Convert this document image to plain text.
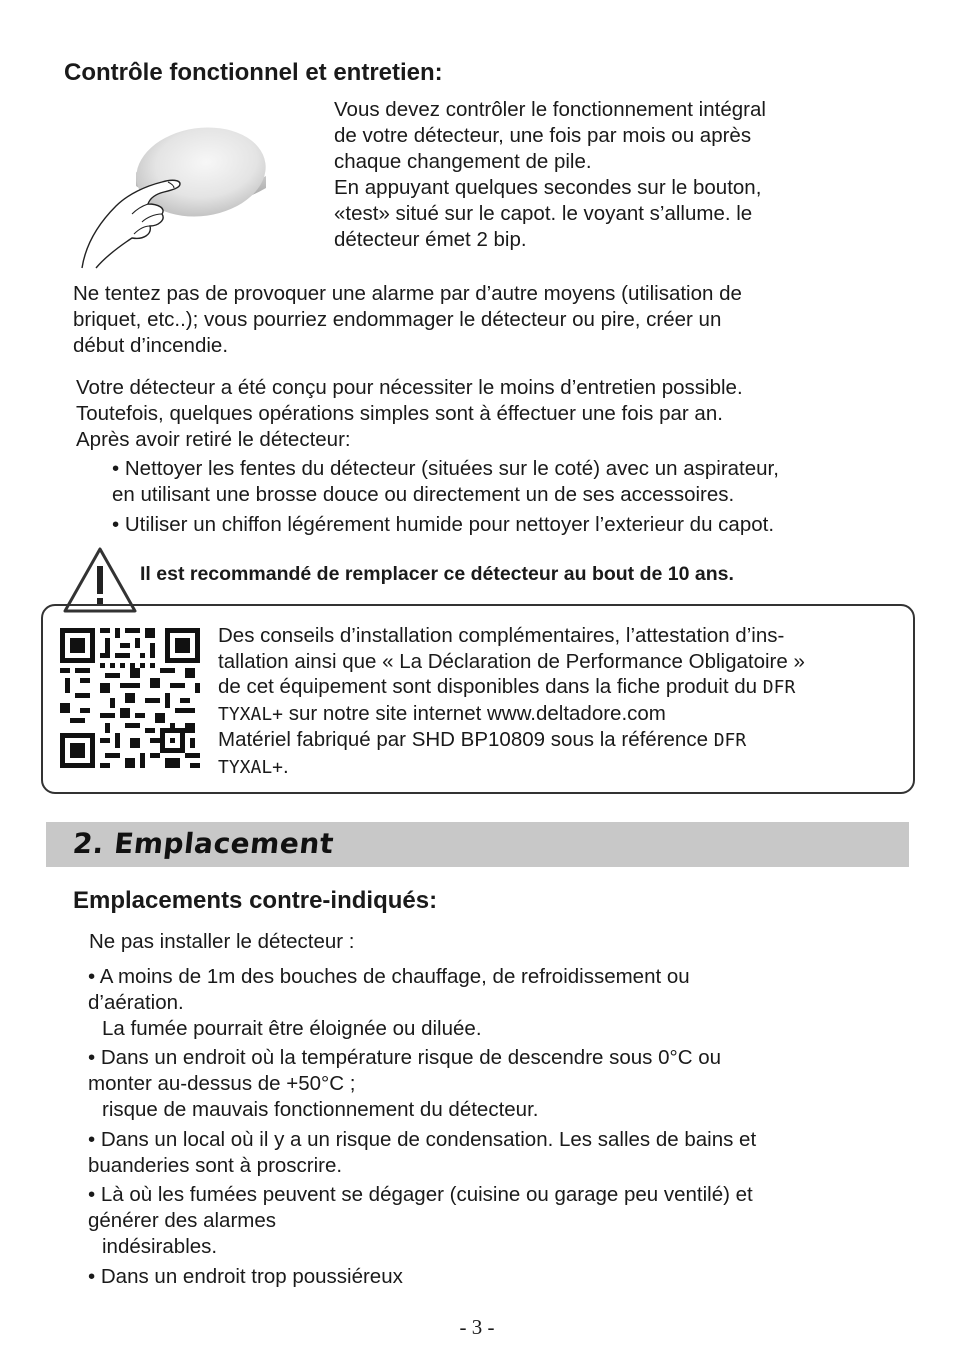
Contrôle fonctionnel et entretien:
Vous devez contrôler le fonctionnement intégral
de votre détecteur, une fois par mois ou après
chaque changement de pile.
En appuyant quelques secondes sur le bouton,
«test» situé sur le capot. le voyant s’allume. le
détecteur émet 2 bip.
Ne tentez pas de provoquer une alarme par d’autre moyens (utilisation de
briquet, etc..); vous pourriez endommager le détecteur ou pire, créer un
début d’incendie.
Votre détecteur a été conçu pour nécessiter le moins d’entretien possible.
Toutefois, quelques opérations simples sont à éffectuer une fois par an.
Après avoir retiré le détecteur:
• Nettoyer les fentes du détecteur (situées sur le coté) avec un aspirateur,
en utilisant une brosse douce ou directement un de ses accessoires.
• Utiliser un chiffon légérement humide pour nettoyer l’exterieur du capot.
Il est recommandé de remplacer ce détecteur au bout de 10 ans.
Des conseils d’installation complémentaires, l’attestation d’ins-
tallation ainsi que « La Déclaration de Performance Obligatoire »
de cet équipement sont disponibles dans la fiche produit du DFR
TYXAL+ sur notre site internet www.deltadore.com
Matériel fabriqué par SHD BP10809 sous la référence DFR
TYXAL+.
2. Emplacement
Emplacements contre-indiqués:
Ne pas installer le détecteur :
• A moins de 1m des bouches de chauffage, de refroidissement ou
d’aération.
La fumée pourrait être éloignée ou diluée.
• Dans un endroit où la température risque de descendre sous 0°C ou
monter au-dessus de +50°C ;
risque de mauvais fonctionnement du détecteur.
• Dans un local où il y a un risque de condensation. Les salles de bains et
buanderies sont à proscrire.
• Là où les fumées peuvent se dégager (cuisine ou garage peu ventilé) et
générer des alarmes
indésirables.
• Dans un endroit trop poussiéreux
- 3 -
